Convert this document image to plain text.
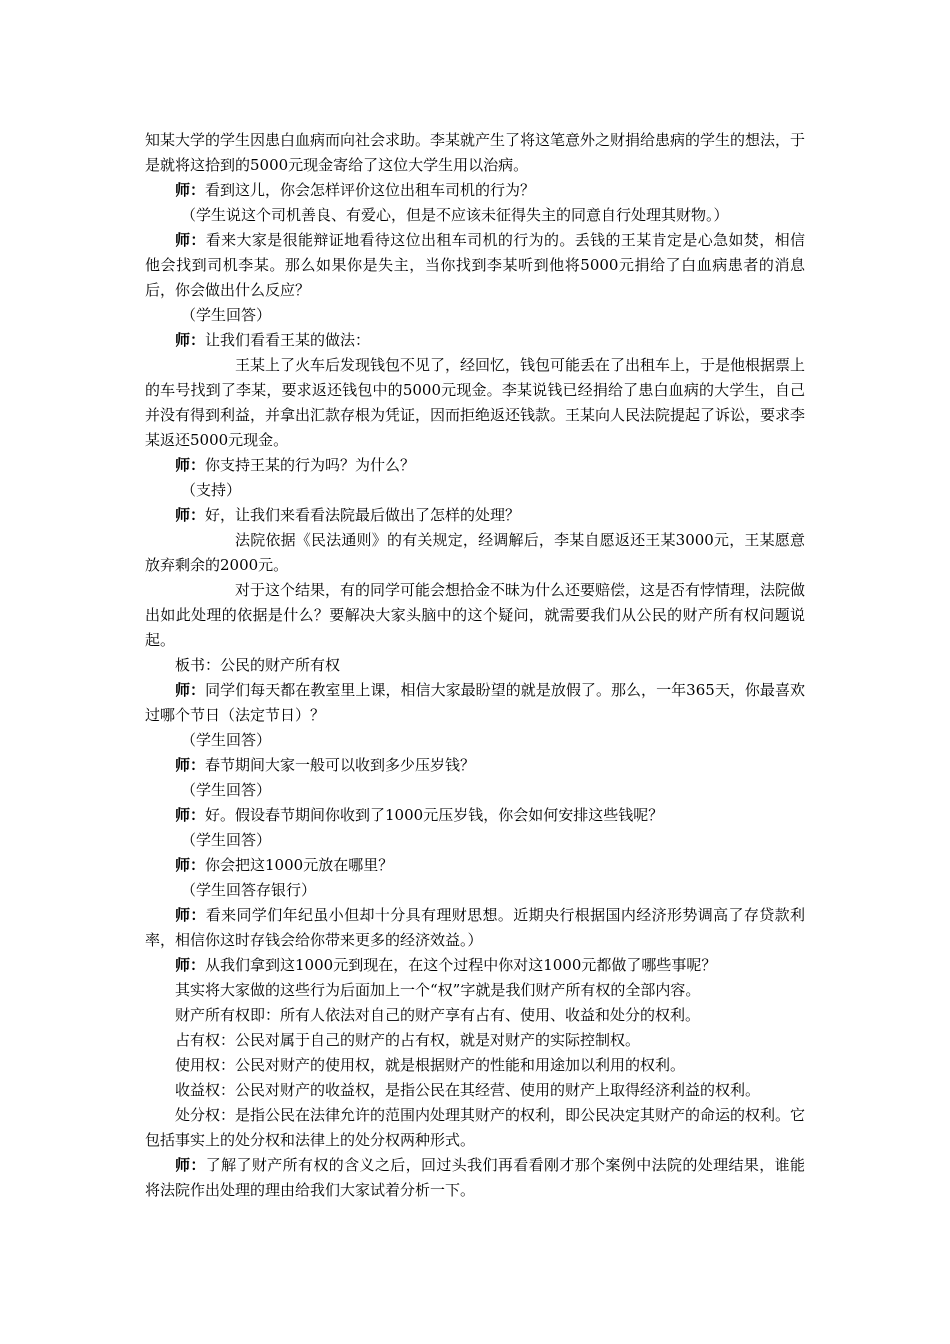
知某大学的学生因患白血病而向社会求助。李某就产生了将这笔意外之财捐给患病的学生的想法，于是就将这拾到的5000元现金寄给了这位大学生用以治病。

师：看到这儿，你会怎样评价这位出租车司机的行为？

（学生说这个司机善良、有爱心，但是不应该未征得失主的同意自行处理其财物。）

师：看来大家是很能辩证地看待这位出租车司机的行为的。丢钱的王某肯定是心急如焚，相信他会找到司机李某。那么如果你是失主，当你找到李某听到他将5000元捐给了白血病患者的消息后，你会做出什么反应？

（学生回答）

师：让我们看看王某的做法：

王某上了火车后发现钱包不见了，经回忆，钱包可能丢在了出租车上，于是他根据票上的车号找到了李某，要求返还钱包中的5000元现金。李某说钱已经捐给了患白血病的大学生，自己并没有得到利益，并拿出汇款存根为凭证，因而拒绝返还钱款。王某向人民法院提起了诉讼，要求李某返还5000元现金。

师：你支持王某的行为吗？为什么？

（支持）

师：好，让我们来看看法院最后做出了怎样的处理？

法院依据《民法通则》的有关规定，经调解后，李某自愿返还王某3000元，王某愿意放弃剩余的2000元。

对于这个结果，有的同学可能会想拾金不昧为什么还要赔偿，这是否有悖情理，法院做出如此处理的依据是什么？要解决大家头脑中的这个疑问，就需要我们从公民的财产所有权问题说起。

板书：公民的财产所有权

师：同学们每天都在教室里上课，相信大家最盼望的就是放假了。那么，一年365天，你最喜欢过哪个节日（法定节日）？

（学生回答）

师：春节期间大家一般可以收到多少压岁钱？

（学生回答）

师：好。假设春节期间你收到了1000元压岁钱，你会如何安排这些钱呢？

（学生回答）

师：你会把这1000元放在哪里？

（学生回答存银行）

师：看来同学们年纪虽小但却十分具有理财思想。近期央行根据国内经济形势调高了存贷款利率，相信你这时存钱会给你带来更多的经济效益。）

师：从我们拿到这1000元到现在，在这个过程中你对这1000元都做了哪些事呢？

其实将大家做的这些行为后面加上一个“权”字就是我们财产所有权的全部内容。

财产所有权即：所有人依法对自己的财产享有占有、使用、收益和处分的权利。

占有权：公民对属于自己的财产的占有权，就是对财产的实际控制权。

使用权：公民对财产的使用权，就是根据财产的性能和用途加以利用的权利。

收益权：公民对财产的收益权，是指公民在其经营、使用的财产上取得经济利益的权利。

处分权：是指公民在法律允许的范围内处理其财产的权利，即公民决定其财产的命运的权利。它包括事实上的处分权和法律上的处分权两种形式。

师：了解了财产所有权的含义之后，回过头我们再看看刚才那个案例中法院的处理结果，谁能将法院作出处理的理由给我们大家试着分析一下。
